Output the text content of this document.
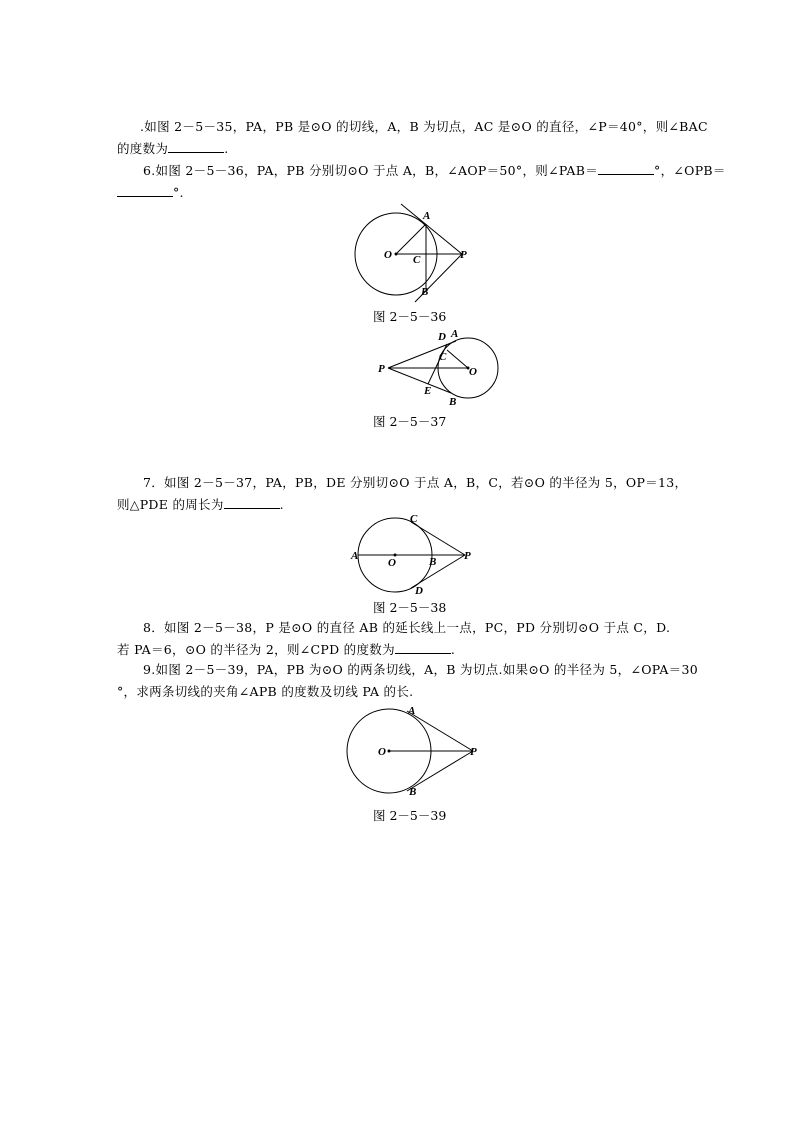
.如图 2－5－35，PA，PB 是⊙O 的切线，A，B 为切点，AC 是⊙O 的直径，∠P＝40°，则∠BAC
的度数为	.
6.如图 2－5－36，PA，PB 分别切⊙O 于点 A，B，∠AOP＝50°，则∠PAB＝	°，∠OPB＝
°.
A
O C	P
B
图 2－5－36
D A
C
P	O
E
B
图 2－5－37
7．如图 2－5－37，PA，PB，DE 分别切⊙O 于点 A，B，C，若⊙O 的半径为 5，OP＝13，
则△PDE 的周长为	.
C
A
O	B	P
D
图 2－5－38
8．如图 2－5－38，P 是⊙O 的直径 AB 的延长线上一点，PC，PD 分别切⊙O 于点 C，D.
若 PA＝6，⊙O 的半径为 2，则∠CPD 的度数为	.
9.如图 2－5－39，PA，PB 为⊙O 的两条切线，A，B 为切点.如果⊙O 的半径为 5，∠OPA＝30
°，求两条切线的夹角∠APB 的度数及切线 PA 的长.
A
O	P
B
图 2－5－39
